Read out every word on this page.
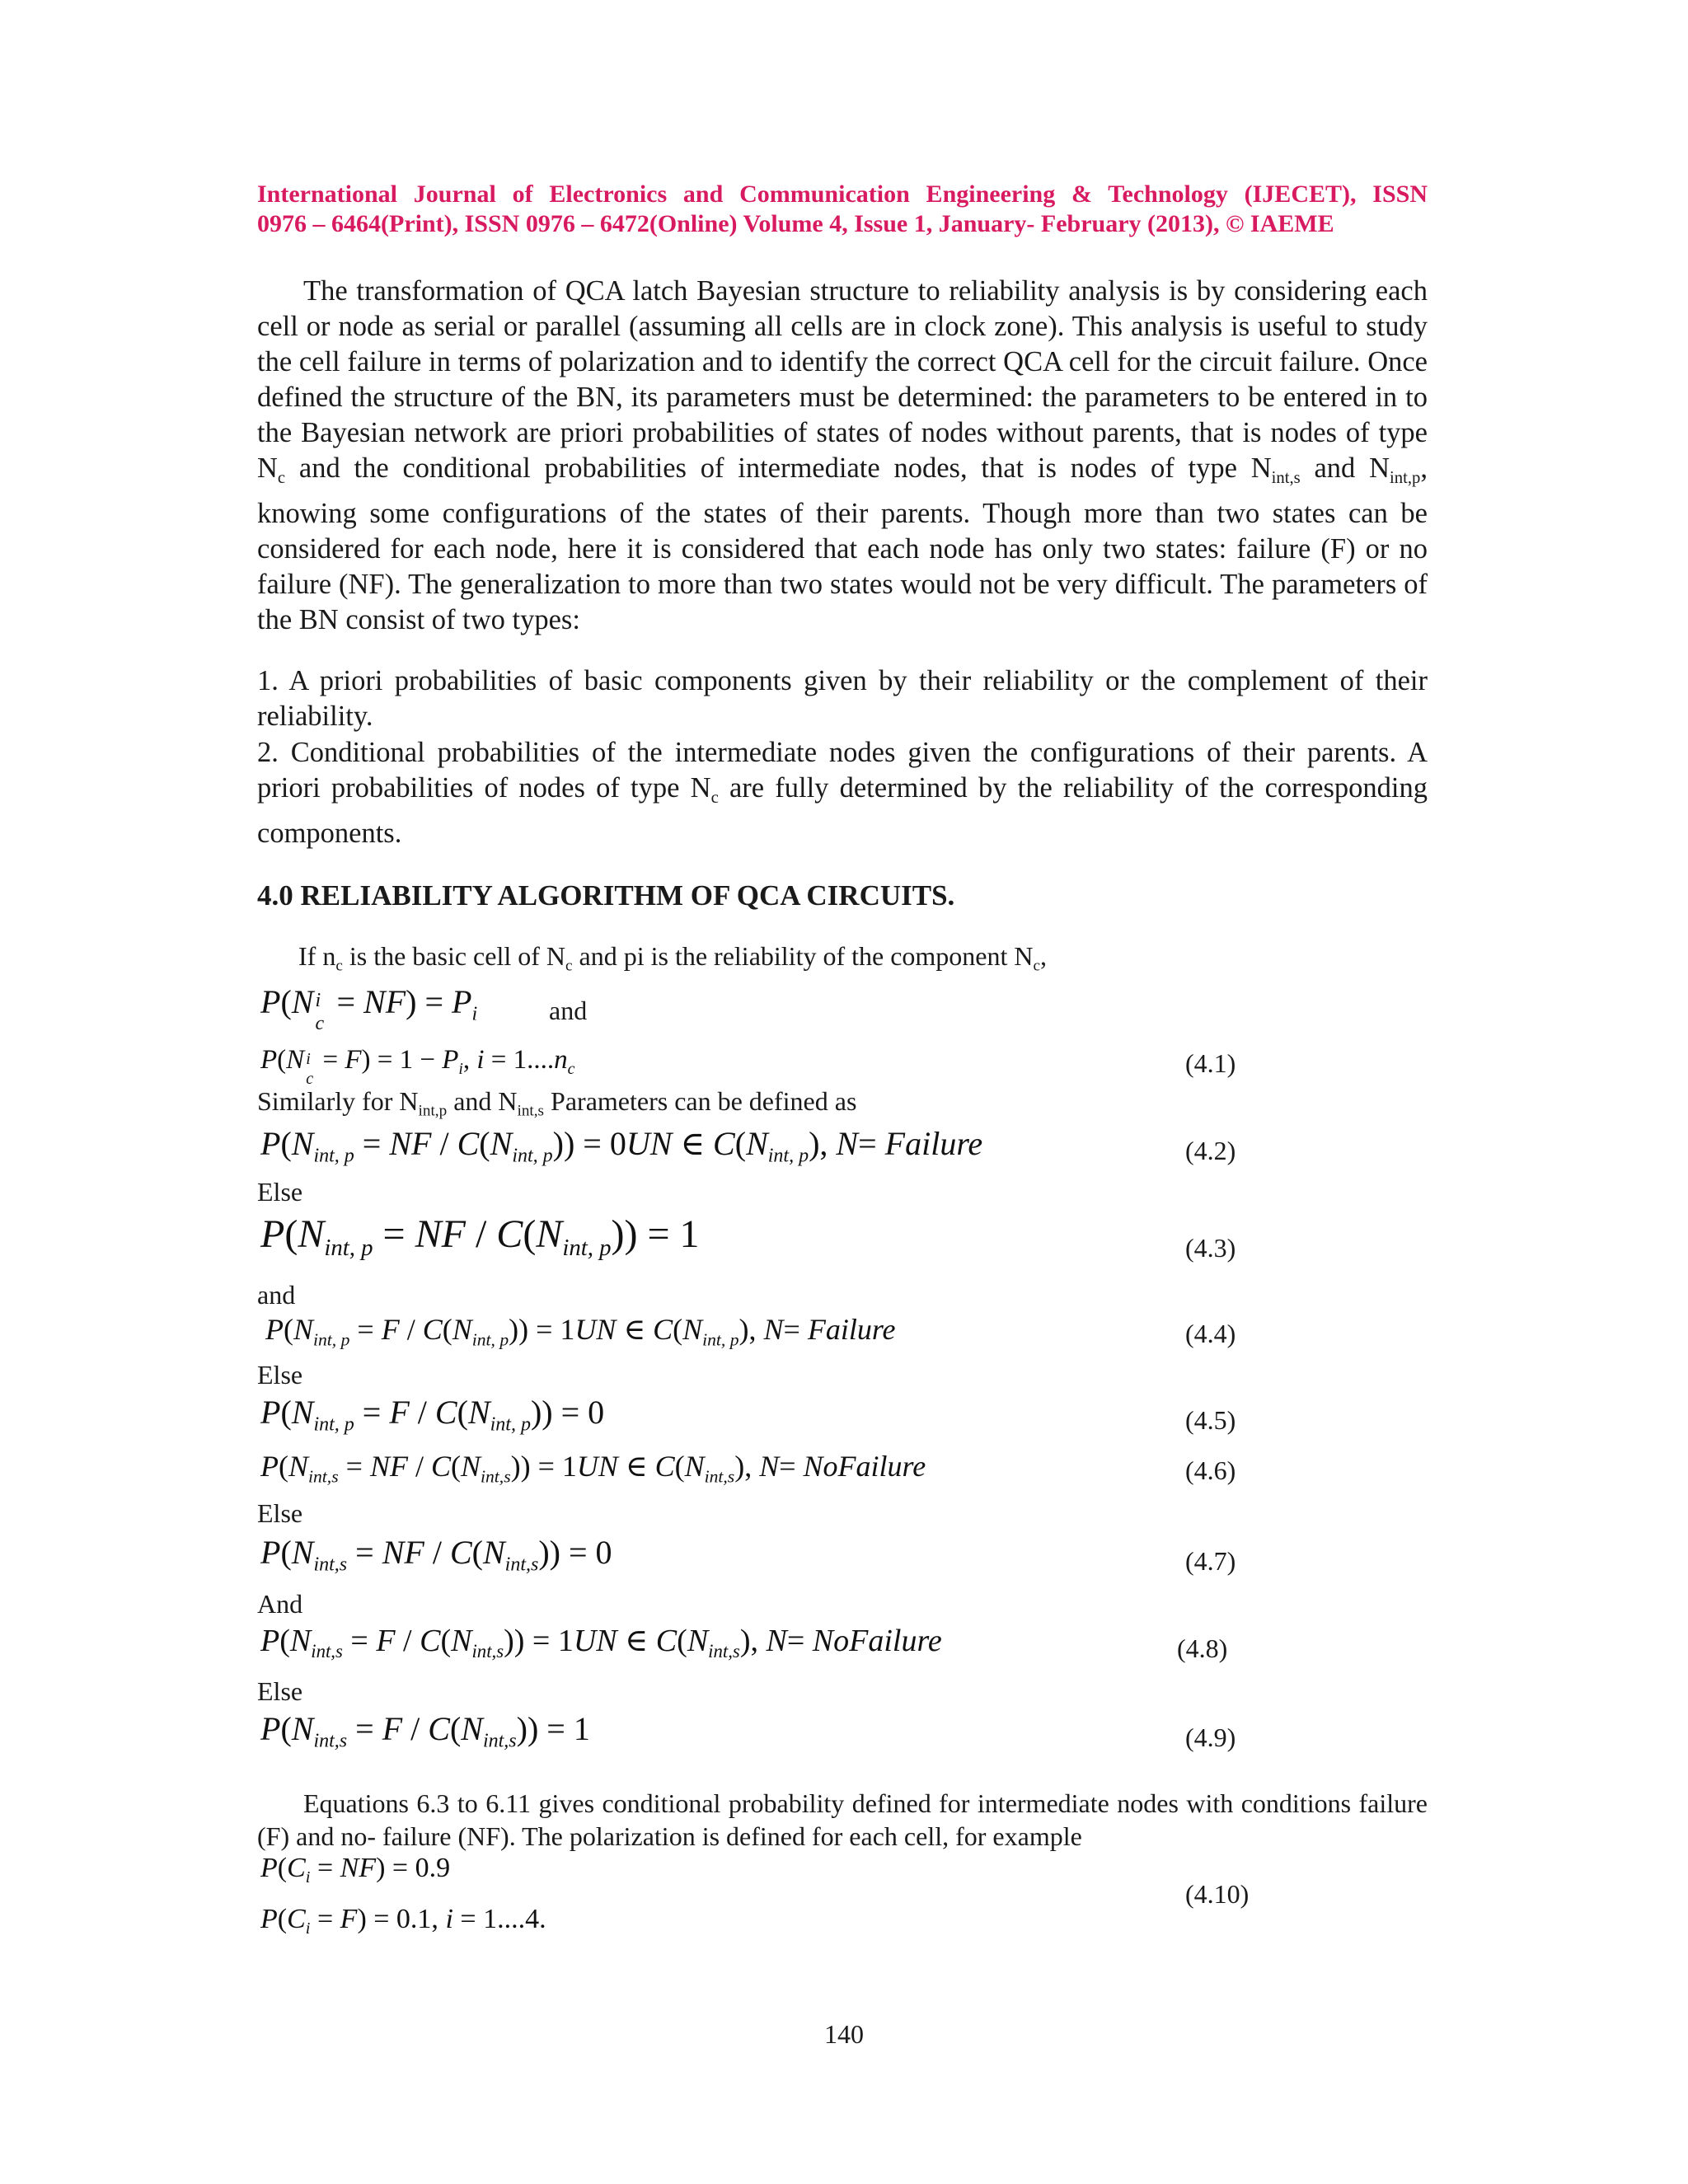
International Journal of Electronics and Communication Engineering & Technology (IJECET), ISSN
0976 – 6464(Print), ISSN 0976 – 6472(Online) Volume 4, Issue 1, January- February (2013), © IAEME
The transformation of QCA latch Bayesian structure to reliability analysis is by considering each cell or node as serial or parallel (assuming all cells are in clock zone). This analysis is useful to study the cell failure in terms of polarization and to identify the correct QCA cell for the circuit failure. Once defined the structure of the BN, its parameters must be determined: the parameters to be entered in to the Bayesian network are priori probabilities of states of nodes without parents, that is nodes of type $N_c$ and the conditional probabilities of intermediate nodes, that is nodes of type $N_{int,s}$ and $N_{int,p}$, knowing some configurations of the states of their parents. Though more than two states can be considered for each node, here it is considered that each node has only two states: failure (F) or no failure (NF). The generalization to more than two states would not be very difficult. The parameters of the BN consist of two types:
1. A priori probabilities of basic components given by their reliability or the complement of their reliability.
2. Conditional probabilities of the intermediate nodes given the configurations of their parents. A priori probabilities of nodes of type $N_c$ are fully determined by the reliability of the corresponding components.
4.0 RELIABILITY ALGORITHM OF QCA CIRCUITS.
If $n_c$ is the basic cell of $N_c$ and pi is the reliability of the component $N_c$,
P(N i
c
= $NF) = P_i$	and
P(N i
c
= $F) = 1 - P_i$, $i = 1....n_c$	(4.1)
Similarly for $N_{int,p}$ and $N_{int,s}$ Parameters can be defined as
$P(N_{int, p}$ = NF / $C(N_{int, p})) = 0UN$ ∈ $C(N_{int, p})$, N= Failure	(4.2)
Else
$P(N_{int, p}$ = NF / $C(N_{int, p})) = 1$	(4.3)
and
$P(N_{int, p} = F / C(N_{int, p})) = 1UN$ ∈ $C(N_{int, p})$, N= Failure	(4.4)
Else
$P(N_{int, p} = F / C(N_{int, p})) = 0$	(4.5)
$P(N_{int,s}$ = NF / $C(N_{int,s})) = 1UN$ ∈ $C(N_{int,s})$, N= NoFailure	(4.6)
Else
$P(N_{int,s}$ = NF / $C(N_{int,s})) = 0$	(4.7)
And
$P(N_{int,s} = F / C(N_{int,s})) = 1UN$ ∈ $C(N_{int,s})$, N= NoFailure	(4.8)
Else
$P(N_{int,s} = F / C(N_{int,s})) = 1$	(4.9)
Equations 6.3 to 6.11 gives conditional probability defined for intermediate nodes with conditions failure (F) and no- failure (NF). The polarization is defined for each cell, for example
$P(C_i = NF) = 0.9$
$P(C_i = F) = 0.1$, i = 1....4.
(4.10)
140
